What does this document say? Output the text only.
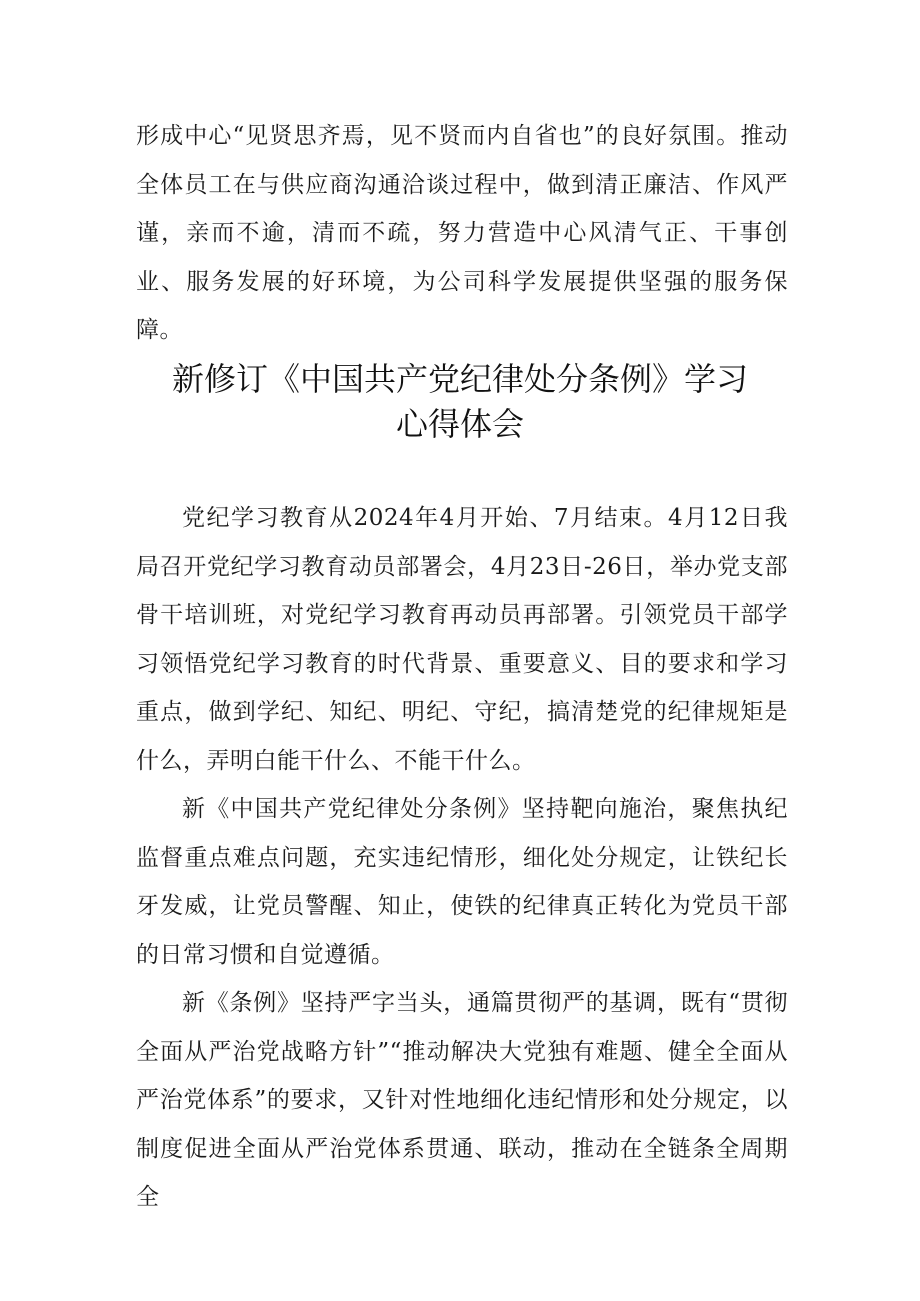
形成中心“见贤思齐焉，见不贤而内自省也”的良好氛围。推动全体员工在与供应商沟通洽谈过程中，做到清正廉洁、作风严谨，亲而不逾，清而不疏，努力营造中心风清气正、干事创业、服务发展的好环境，为公司科学发展提供坚强的服务保障。

新修订《中国共产党纪律处分条例》学习
心得体会

党纪学习教育从2024年4月开始、7月结束。4月12日我局召开党纪学习教育动员部署会，4月23日-26日，举办党支部骨干培训班，对党纪学习教育再动员再部署。引领党员干部学习领悟党纪学习教育的时代背景、重要意义、目的要求和学习重点，做到学纪、知纪、明纪、守纪，搞清楚党的纪律规矩是什么，弄明白能干什么、不能干什么。

新《中国共产党纪律处分条例》坚持靶向施治，聚焦执纪监督重点难点问题，充实违纪情形，细化处分规定，让铁纪长牙发威，让党员警醒、知止，使铁的纪律真正转化为党员干部的日常习惯和自觉遵循。

新《条例》坚持严字当头，通篇贯彻严的基调，既有“贯彻全面从严治党战略方针”“推动解决大党独有难题、健全全面从严治党体系”的要求，又针对性地细化违纪情形和处分规定，以制度促进全面从严治党体系贯通、联动，推动在全链条全周期全
